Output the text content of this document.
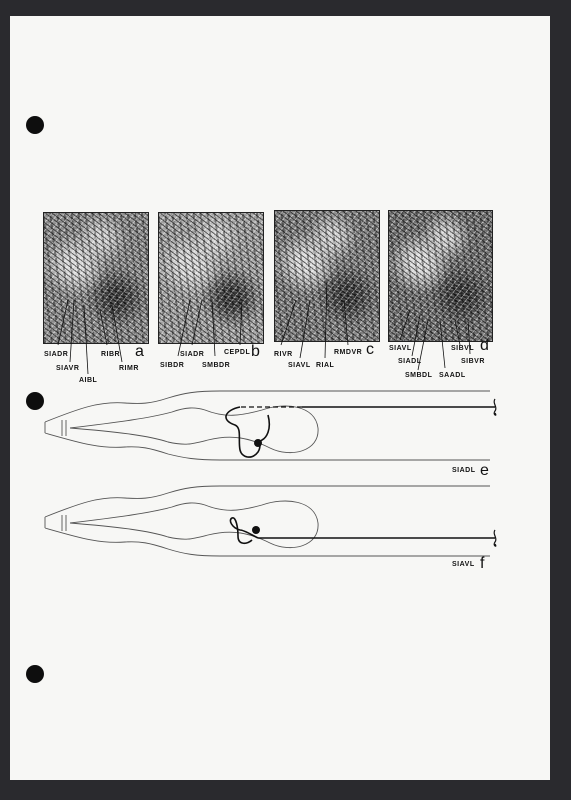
SIADR
SIAVR
AIBL
RIBR
RIMR
a	SIADR
SIBDR	SMBDR
CEPDL b RIVR
SIAVL RIAL
RMDVR c SIAVL
SIADL
SMBDL SAADL
SIBVL
SIBVR
d
SIADL e
SIAVL f
